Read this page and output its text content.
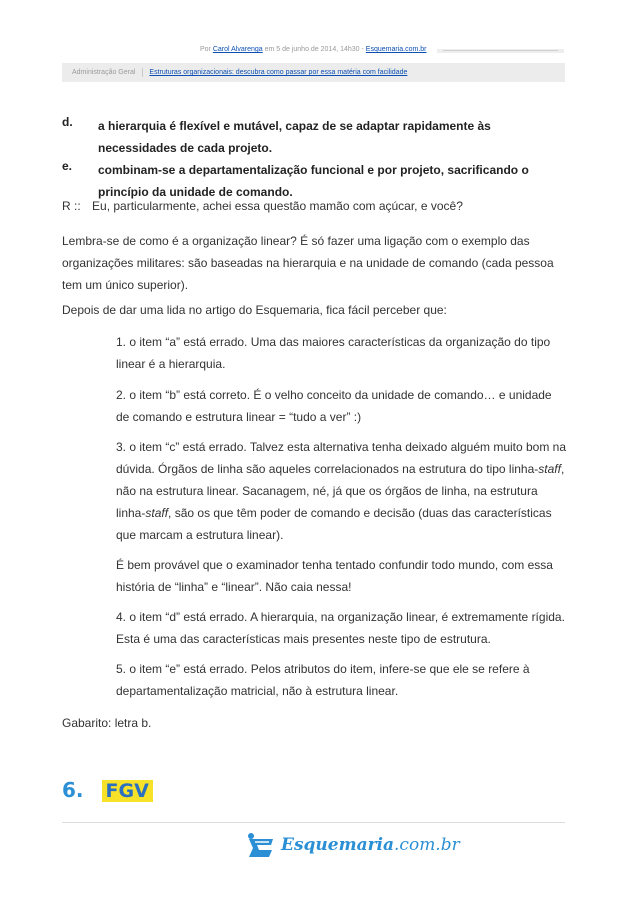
Por Carol Alvarenga em 5 de junho de 2014, 14h30 - Esquemaria.com.br
Administração Geral Estruturas organizacionais: descubra como passar por essa matéria com facilidade
d. a hierarquia é flexível e mutável, capaz de se adaptar rapidamente às necessidades de cada projeto.
e. combinam-se a departamentalização funcional e por projeto, sacrificando o princípio da unidade de comando.
R :: Eu, particularmente, achei essa questão mamão com açúcar, e você?
Lembra-se de como é a organização linear? É só fazer uma ligação com o exemplo das organizações militares: são baseadas na hierarquia e na unidade de comando (cada pessoa tem um único superior).
Depois de dar uma lida no artigo do Esquemaria, fica fácil perceber que:
1. o item “a” está errado. Uma das maiores características da organização do tipo linear é a hierarquia.
2. o item “b” está correto. É o velho conceito da unidade de comando… e unidade de comando e estrutura linear = “tudo a ver” :)
3. o item “c” está errado. Talvez esta alternativa tenha deixado alguém muito bom na dúvida. Órgãos de linha são aqueles correlacionados na estrutura do tipo linha-staff, não na estrutura linear. Sacanagem, né, já que os órgãos de linha, na estrutura linha-staff, são os que têm poder de comando e decisão (duas das características que marcam a estrutura linear).
É bem provável que o examinador tenha tentado confundir todo mundo, com essa história de “linha” e “linear”. Não caia nessa!
4. o item “d” está errado. A hierarquia, na organização linear, é extremamente rígida. Esta é uma das características mais presentes neste tipo de estrutura.
5. o item “e” está errado. Pelos atributos do item, infere-se que ele se refere à departamentalização matricial, não à estrutura linear.
Gabarito: letra b.
6. FGV
Esquemaria.com.br
